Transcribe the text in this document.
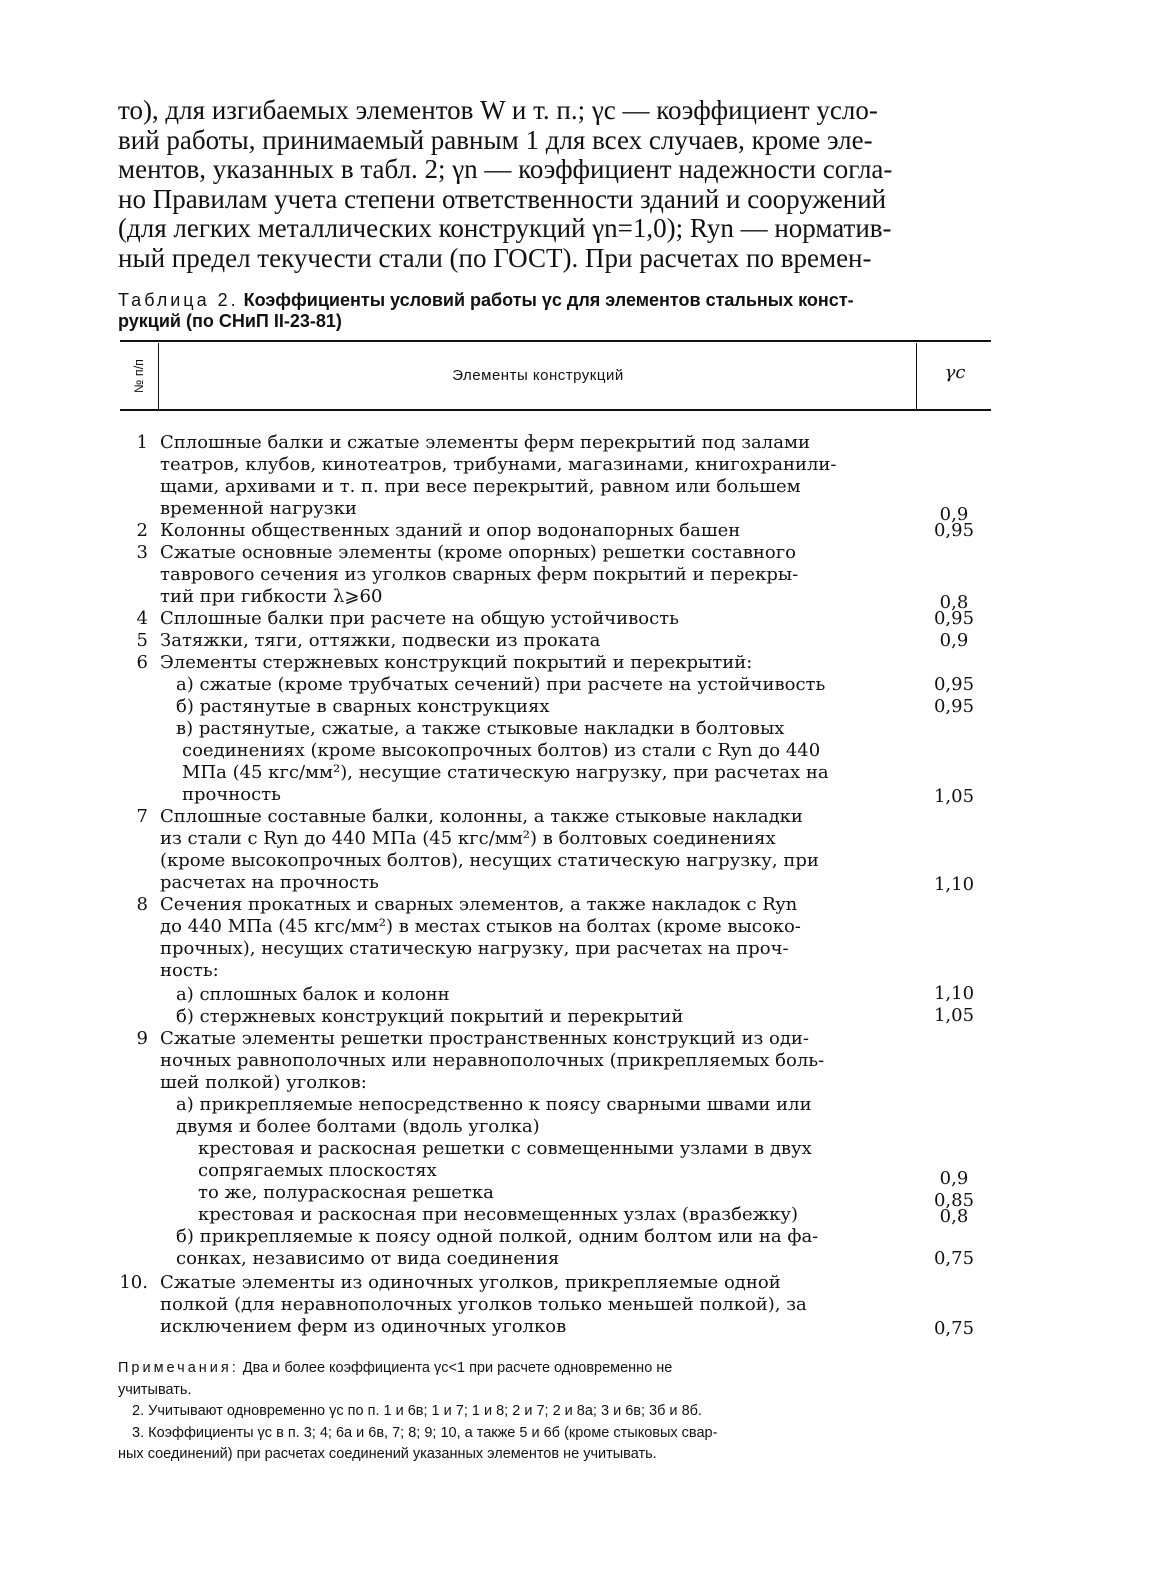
то), для изгибаемых элементов W и т. п.; γc — коэффициент усло-
вий работы, принимаемый равным 1 для всех случаев, кроме эле-
ментов, указанных в табл. 2; γn — коэффициент надежности согла-
но Правилам учета степени ответственности зданий и сооружений
(для легких металлических конструкций γn=1,0); Ryn — норматив-
ный предел текучести стали (по ГОСТ). При расчетах по времен-
Таблица 2. Коэффициенты условий работы γc для элементов стальных конст-
рукций (по СНиП II-23-81)
№ п/п	Элементы конструкций	γc
1 Сплошные балки и сжатые элементы ферм перекрытий под залами
театров, клубов, кинотеатров, трибунами, магазинами, книгохранили-
щами, архивами и т. п. при весе перекрытий, равном или большем
временной нагрузки	0,9
2 Колонны общественных зданий и опор водонапорных башен	0,95
3 Сжатые основные элементы (кроме опорных) решетки составного
таврового сечения из уголков сварных ферм покрытий и перекры-
тий при гибкости λ⩾60	0,8
4 Сплошные балки при расчете на общую устойчивость	0,95
5 Затяжки, тяги, оттяжки, подвески из проката	0,9
6 Элементы стержневых конструкций покрытий и перекрытий:
а) сжатые (кроме трубчатых сечений) при расчете на устойчивость	0,95
б) растянутые в сварных конструкциях	0,95
в) растянутые, сжатые, а также стыковые накладки в болтовых
соединениях (кроме высокопрочных болтов) из стали с Ryn до 440
МПа (45 кгс/мм²), несущие статическую нагрузку, при расчетах на
прочность	1,05
7 Сплошные составные балки, колонны, а также стыковые накладки
из стали с Ryn до 440 МПа (45 кгс/мм²) в болтовых соединениях
(кроме высокопрочных болтов), несущих статическую нагрузку, при
расчетах на прочность	1,10
8 Сечения прокатных и сварных элементов, а также накладок с Ryn
до 440 МПа (45 кгс/мм²) в местах стыков на болтах (кроме высоко-
прочных), несущих статическую нагрузку, при расчетах на проч-
ность:
а) сплошных балок и колонн	1,10
б) стержневых конструкций покрытий и перекрытий	1,05
9 Сжатые элементы решетки пространственных конструкций из оди-
ночных равнополочных или неравнополочных (прикрепляемых боль-
шей полкой) уголков:
а) прикрепляемые непосредственно к поясу сварными швами или
двумя и более болтами (вдоль уголка)
крестовая и раскосная решетки с совмещенными узлами в двух
сопрягаемых плоскостях	0,9
то же, полураскосная решетка	0,85
крестовая и раскосная при несовмещенных узлах (вразбежку)	0,8
б) прикрепляемые к поясу одной полкой, одним болтом или на фа-
сонках, независимо от вида соединения	0,75
10. Сжатые элементы из одиночных уголков, прикрепляемые одной
полкой (для неравнополочных уголков только меньшей полкой), за
исключением ферм из одиночных уголков	0,75
Примечания: Два и более коэффициента γc<1 при расчете одновременно не
учитывать.
2. Учитывают одновременно γc по п. 1 и 6в; 1 и 7; 1 и 8; 2 и 7; 2 и 8а; 3 и 6в; 3б и 8б.
3. Коэффициенты γc в п. 3; 4; 6а и 6в, 7; 8; 9; 10, а также 5 и 6б (кроме стыковых свар-
ных соединений) при расчетах соединений указанных элементов не учитывать.
